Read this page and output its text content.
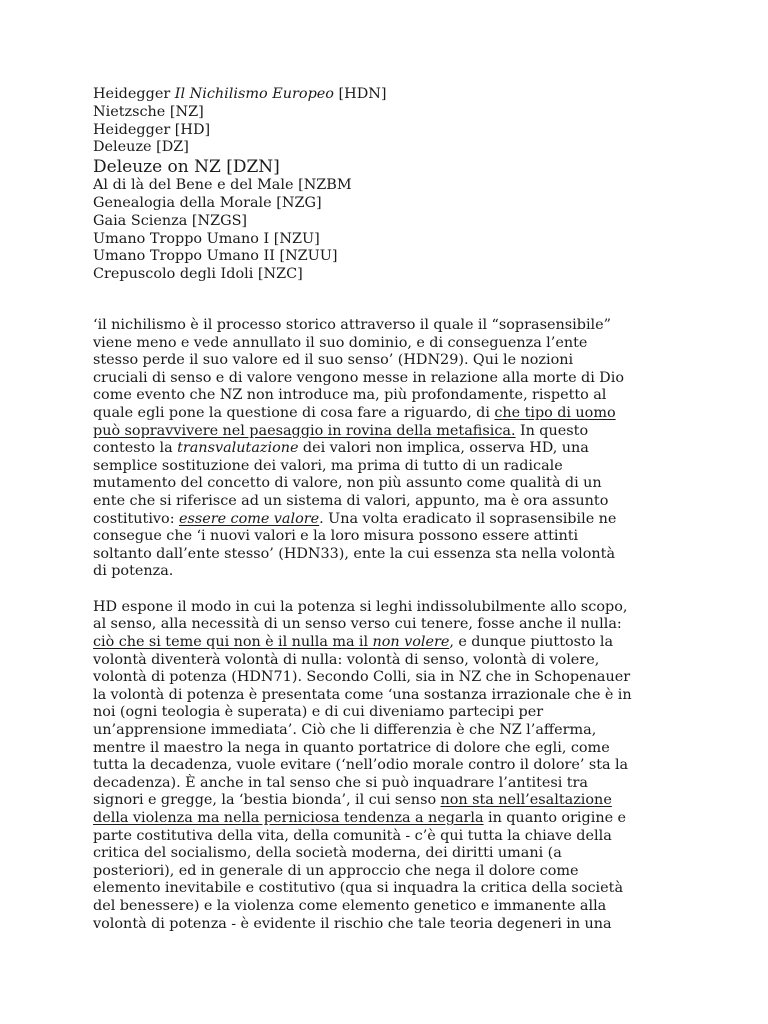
Heidegger Il Nichilismo Europeo [HDN]
Nietzsche [NZ]
Heidegger [HD]
Deleuze [DZ]
Deleuze on NZ [DZN]
Al di là del Bene e del Male [NZBM
Genealogia della Morale [NZG]
Gaia Scienza [NZGS]
Umano Troppo Umano I [NZU]
Umano Troppo Umano II [NZUU]
Crepuscolo degli Idoli [NZC]

‘il nichilismo è il processo storico attraverso il quale il “soprasensibile”
viene meno e vede annullato il suo dominio, e di conseguenza l’ente
stesso perde il suo valore ed il suo senso’ (HDN29). Qui le nozioni
cruciali di senso e di valore vengono messe in relazione alla morte di Dio
come evento che NZ non introduce ma, più profondamente, rispetto al
quale egli pone la questione di cosa fare a riguardo, di che tipo di uomo
può sopravvivere nel paesaggio in rovina della metafisica. In questo
contesto la transvalutazione dei valori non implica, osserva HD, una
semplice sostituzione dei valori, ma prima di tutto di un radicale
mutamento del concetto di valore, non più assunto come qualità di un
ente che si riferisce ad un sistema di valori, appunto, ma è ora assunto
costitutivo: essere come valore. Una volta eradicato il soprasensibile ne
consegue che ‘i nuovi valori e la loro misura possono essere attinti
soltanto dall’ente stesso’ (HDN33), ente la cui essenza sta nella volontà
di potenza.

HD espone il modo in cui la potenza si leghi indissolubilmente allo scopo,
al senso, alla necessità di un senso verso cui tenere, fosse anche il nulla:
ciò che si teme qui non è il nulla ma il non volere, e dunque piuttosto la
volontà diventerà volontà di nulla: volontà di senso, volontà di volere,
volontà di potenza (HDN71). Secondo Colli, sia in NZ che in Schopenauer
la volontà di potenza è presentata come ‘una sostanza irrazionale che è in
noi (ogni teologia è superata) e di cui diveniamo partecipi per
un’apprensione immediata’. Ciò che li differenzia è che NZ l’afferma,
mentre il maestro la nega in quanto portatrice di dolore che egli, come
tutta la decadenza, vuole evitare (‘nell’odio morale contro il dolore’ sta la
decadenza). È anche in tal senso che si può inquadrare l’antitesi tra
signori e gregge, la ‘bestia bionda’, il cui senso non sta nell’esaltazione
della violenza ma nella perniciosa tendenza a negarla in quanto origine e
parte costitutiva della vita, della comunità - c’è qui tutta la chiave della
critica del socialismo, della società moderna, dei diritti umani (a
posteriori), ed in generale di un approccio che nega il dolore come
elemento inevitabile e costitutivo (qua si inquadra la critica della società
del benessere) e la violenza come elemento genetico e immanente alla
volontà di potenza - è evidente il rischio che tale teoria degeneri in una
